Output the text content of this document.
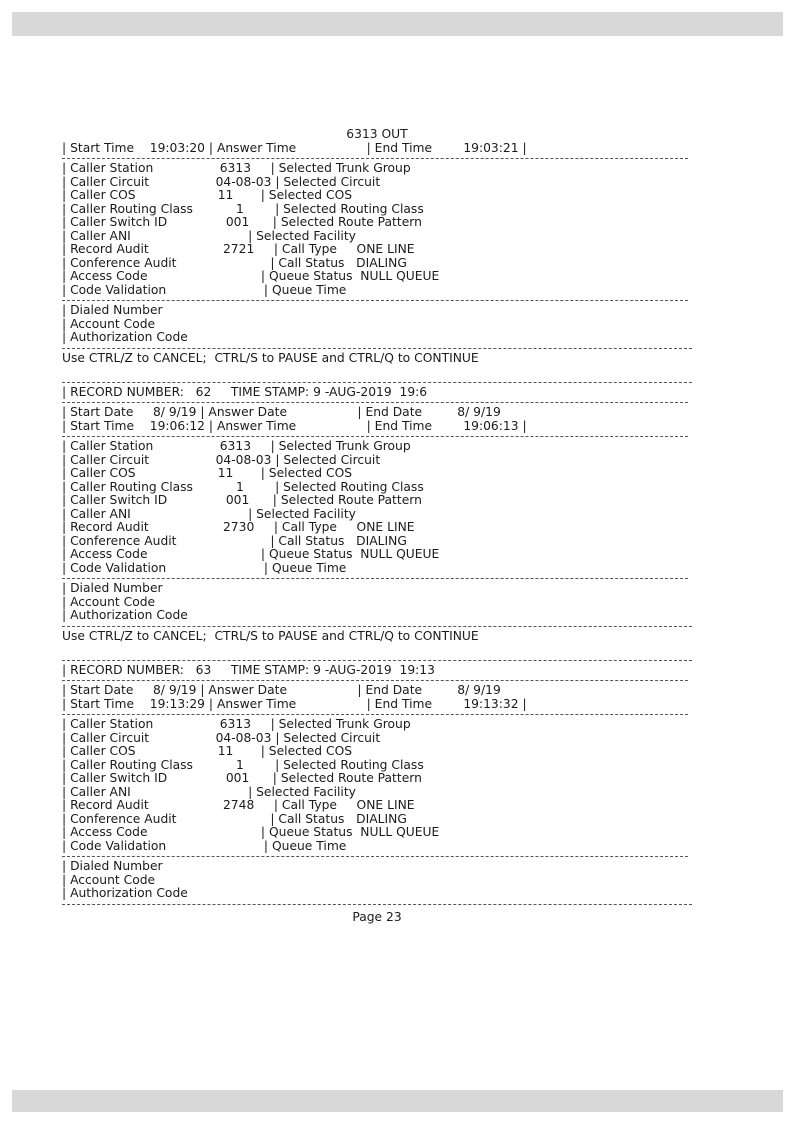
6313 OUT
| Start Time    19:03:20 | Answer Time                  | End Time        19:03:21 |
| Caller Station                 6313     | Selected Trunk Group
| Caller Circuit                 04-08-03 | Selected Circuit
| Caller COS                     11       | Selected COS
| Caller Routing Class           1        | Selected Routing Class
| Caller Switch ID               001      | Selected Route Pattern
| Caller ANI	| Selected Facility
| Record Audit                   2721     | Call Type     ONE LINE
| Conference Audit	| Call Status   DIALING
| Access Code	| Queue Status  NULL QUEUE
| Code Validation	| Queue Time
| Dialed Number
| Account Code
| Authorization Code
Use CTRL/Z to CANCEL;  CTRL/S to PAUSE and CTRL/Q to CONTINUE
| RECORD NUMBER:   62 TIME STAMP: 9 -AUG-2019  19:6
| Start Date     8/ 9/19 | Answer Date                  | End Date         8/ 9/19
| Start Time    19:06:12 | Answer Time                  | End Time        19:06:13 |
| Caller Station                 6313     | Selected Trunk Group
| Caller Circuit                 04-08-03 | Selected Circuit
| Caller COS                     11       | Selected COS
| Caller Routing Class           1        | Selected Routing Class
| Caller Switch ID               001      | Selected Route Pattern
| Caller ANI	| Selected Facility
| Record Audit                   2730     | Call Type     ONE LINE
| Conference Audit	| Call Status   DIALING
| Access Code	| Queue Status  NULL QUEUE
| Code Validation	| Queue Time
| Dialed Number
| Account Code
| Authorization Code
Use CTRL/Z to CANCEL;  CTRL/S to PAUSE and CTRL/Q to CONTINUE
| RECORD NUMBER:   63 TIME STAMP: 9 -AUG-2019  19:13
| Start Date     8/ 9/19 | Answer Date                  | End Date         8/ 9/19
| Start Time    19:13:29 | Answer Time                  | End Time        19:13:32 |
| Caller Station                 6313     | Selected Trunk Group
| Caller Circuit                 04-08-03 | Selected Circuit
| Caller COS                     11       | Selected COS
| Caller Routing Class           1        | Selected Routing Class
| Caller Switch ID               001      | Selected Route Pattern
| Caller ANI	| Selected Facility
| Record Audit                   2748     | Call Type     ONE LINE
| Conference Audit	| Call Status   DIALING
| Access Code	| Queue Status  NULL QUEUE
| Code Validation	| Queue Time
| Dialed Number
| Account Code
| Authorization Code
Page 23
